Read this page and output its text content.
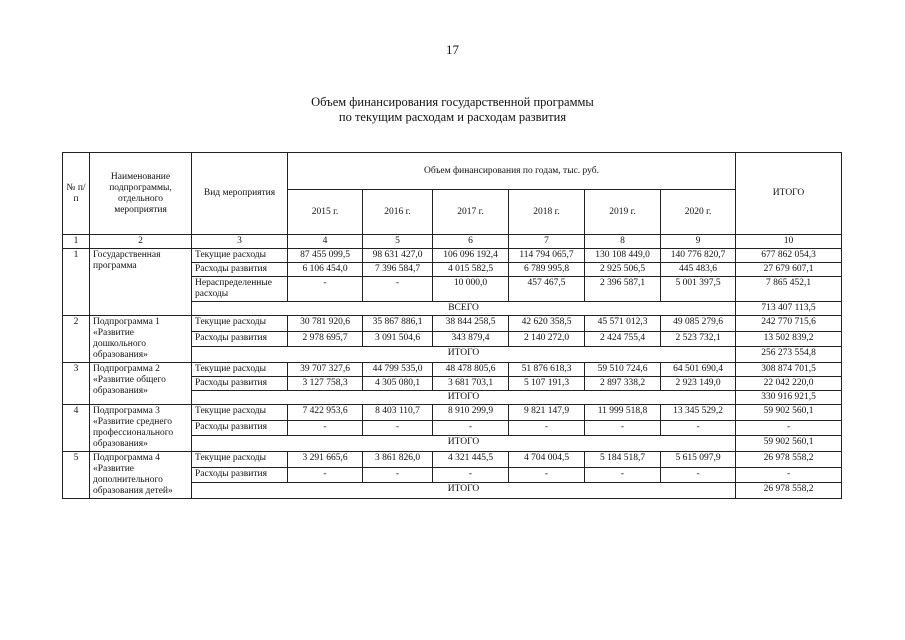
17
Объем финансирования государственной программы
по текущим расходам и расходам развития
№ п/п	Наименование подпрограммы, отдельного мероприятия	Вид мероприятия	Объем финансирования по годам, тыс. руб.						ИТОГО
			2015 г.	2016 г.	2017 г.	2018 г.	2019 г.	2020 г.	
1	2	3	4	5	6	7	8	9	10
1	Государственная программа	Текущие расходы	87 455 099,5	98 631 427,0	106 096 192,4	114 794 065,7	130 108 449,0	140 776 820,7	677 862 054,3
		Расходы развития	6 106 454,0	7 396 584,7	4 015 582,5	6 789 995,8	2 925 506,5	445 483,6	27 679 607,1
		Нераспределенные расходы	-	-	10 000,0	457 467,5	2 396 587,1	5 001 397,5	7 865 452,1
		ВСЕГО							713 407 113,5
2	Подпрограмма 1 «Развитие дошкольного образования»	Текущие расходы	30 781 920,6	35 867 886,1	38 844 258,5	42 620 358,5	45 571 012,3	49 085 279,6	242 770 715,6
		Расходы развития	2 978 695,7	3 091 504,6	343 879,4	2 140 272,0	2 424 755,4	2 523 732,1	13 502 839,2
		ИТОГО							256 273 554,8
3	Подпрограмма 2 «Развитие общего образования»	Текущие расходы	39 707 327,6	44 799 535,0	48 478 805,6	51 876 618,3	59 510 724,6	64 501 690,4	308 874 701,5
		Расходы развития	3 127 758,3	4 305 080,1	3 681 703,1	5 107 191,3	2 897 338,2	2 923 149,0	22 042 220,0
		ИТОГО							330 916 921,5
4	Подпрограмма 3 «Развитие среднего профессионального образования»	Текущие расходы	7 422 953,6	8 403 110,7	8 910 299,9	9 821 147,9	11 999 518,8	13 345 529,2	59 902 560,1
		Расходы развития	-	-	-	-	-	-	-
		ИТОГО							59 902 560,1
5	Подпрограмма 4 «Развитие дополнительного образования детей»	Текущие расходы	3 291 665,6	3 861 826,0	4 321 445,5	4 704 004,5	5 184 518,7	5 615 097,9	26 978 558,2
		Расходы развития	-	-	-	-	-	-	-
		ИТОГО							26 978 558,2
